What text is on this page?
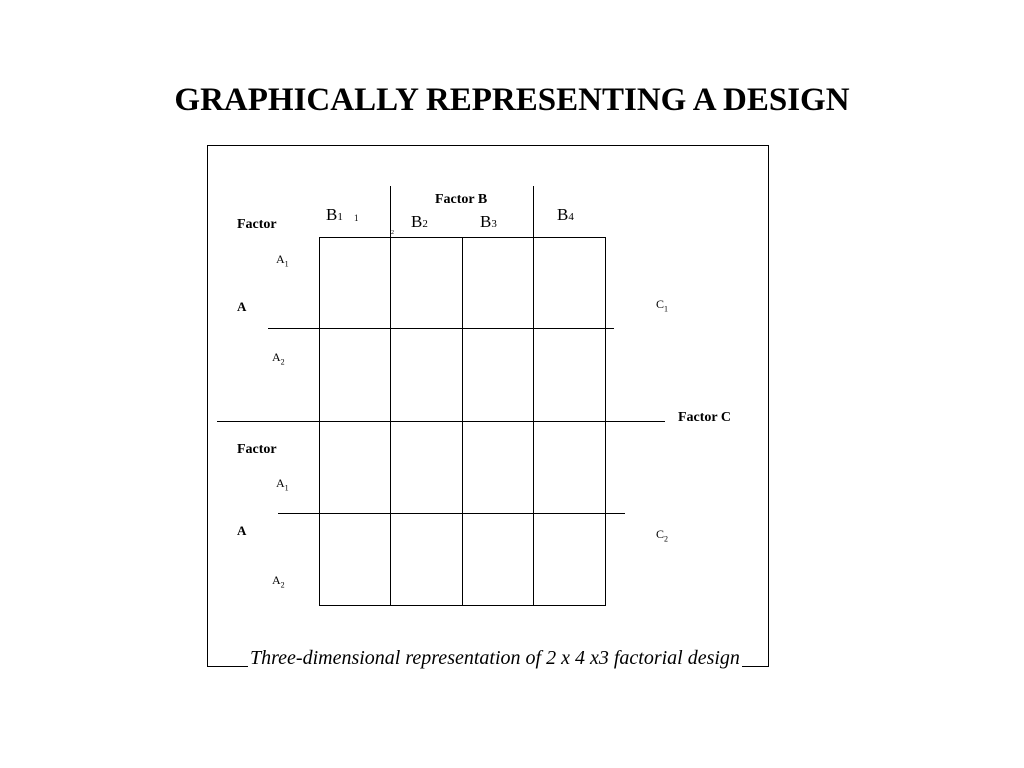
GRAPHICALLY REPRESENTING A DESIGN
Factor B
B1 1
2
B2	B3	B4
Factor
$A_1$
A
$A_2$
$C_1$
Factor C
Factor
$A_1$
A
$A_2$
$C_2$
Three-dimensional representation of 2 x 4 x3 factorial design
